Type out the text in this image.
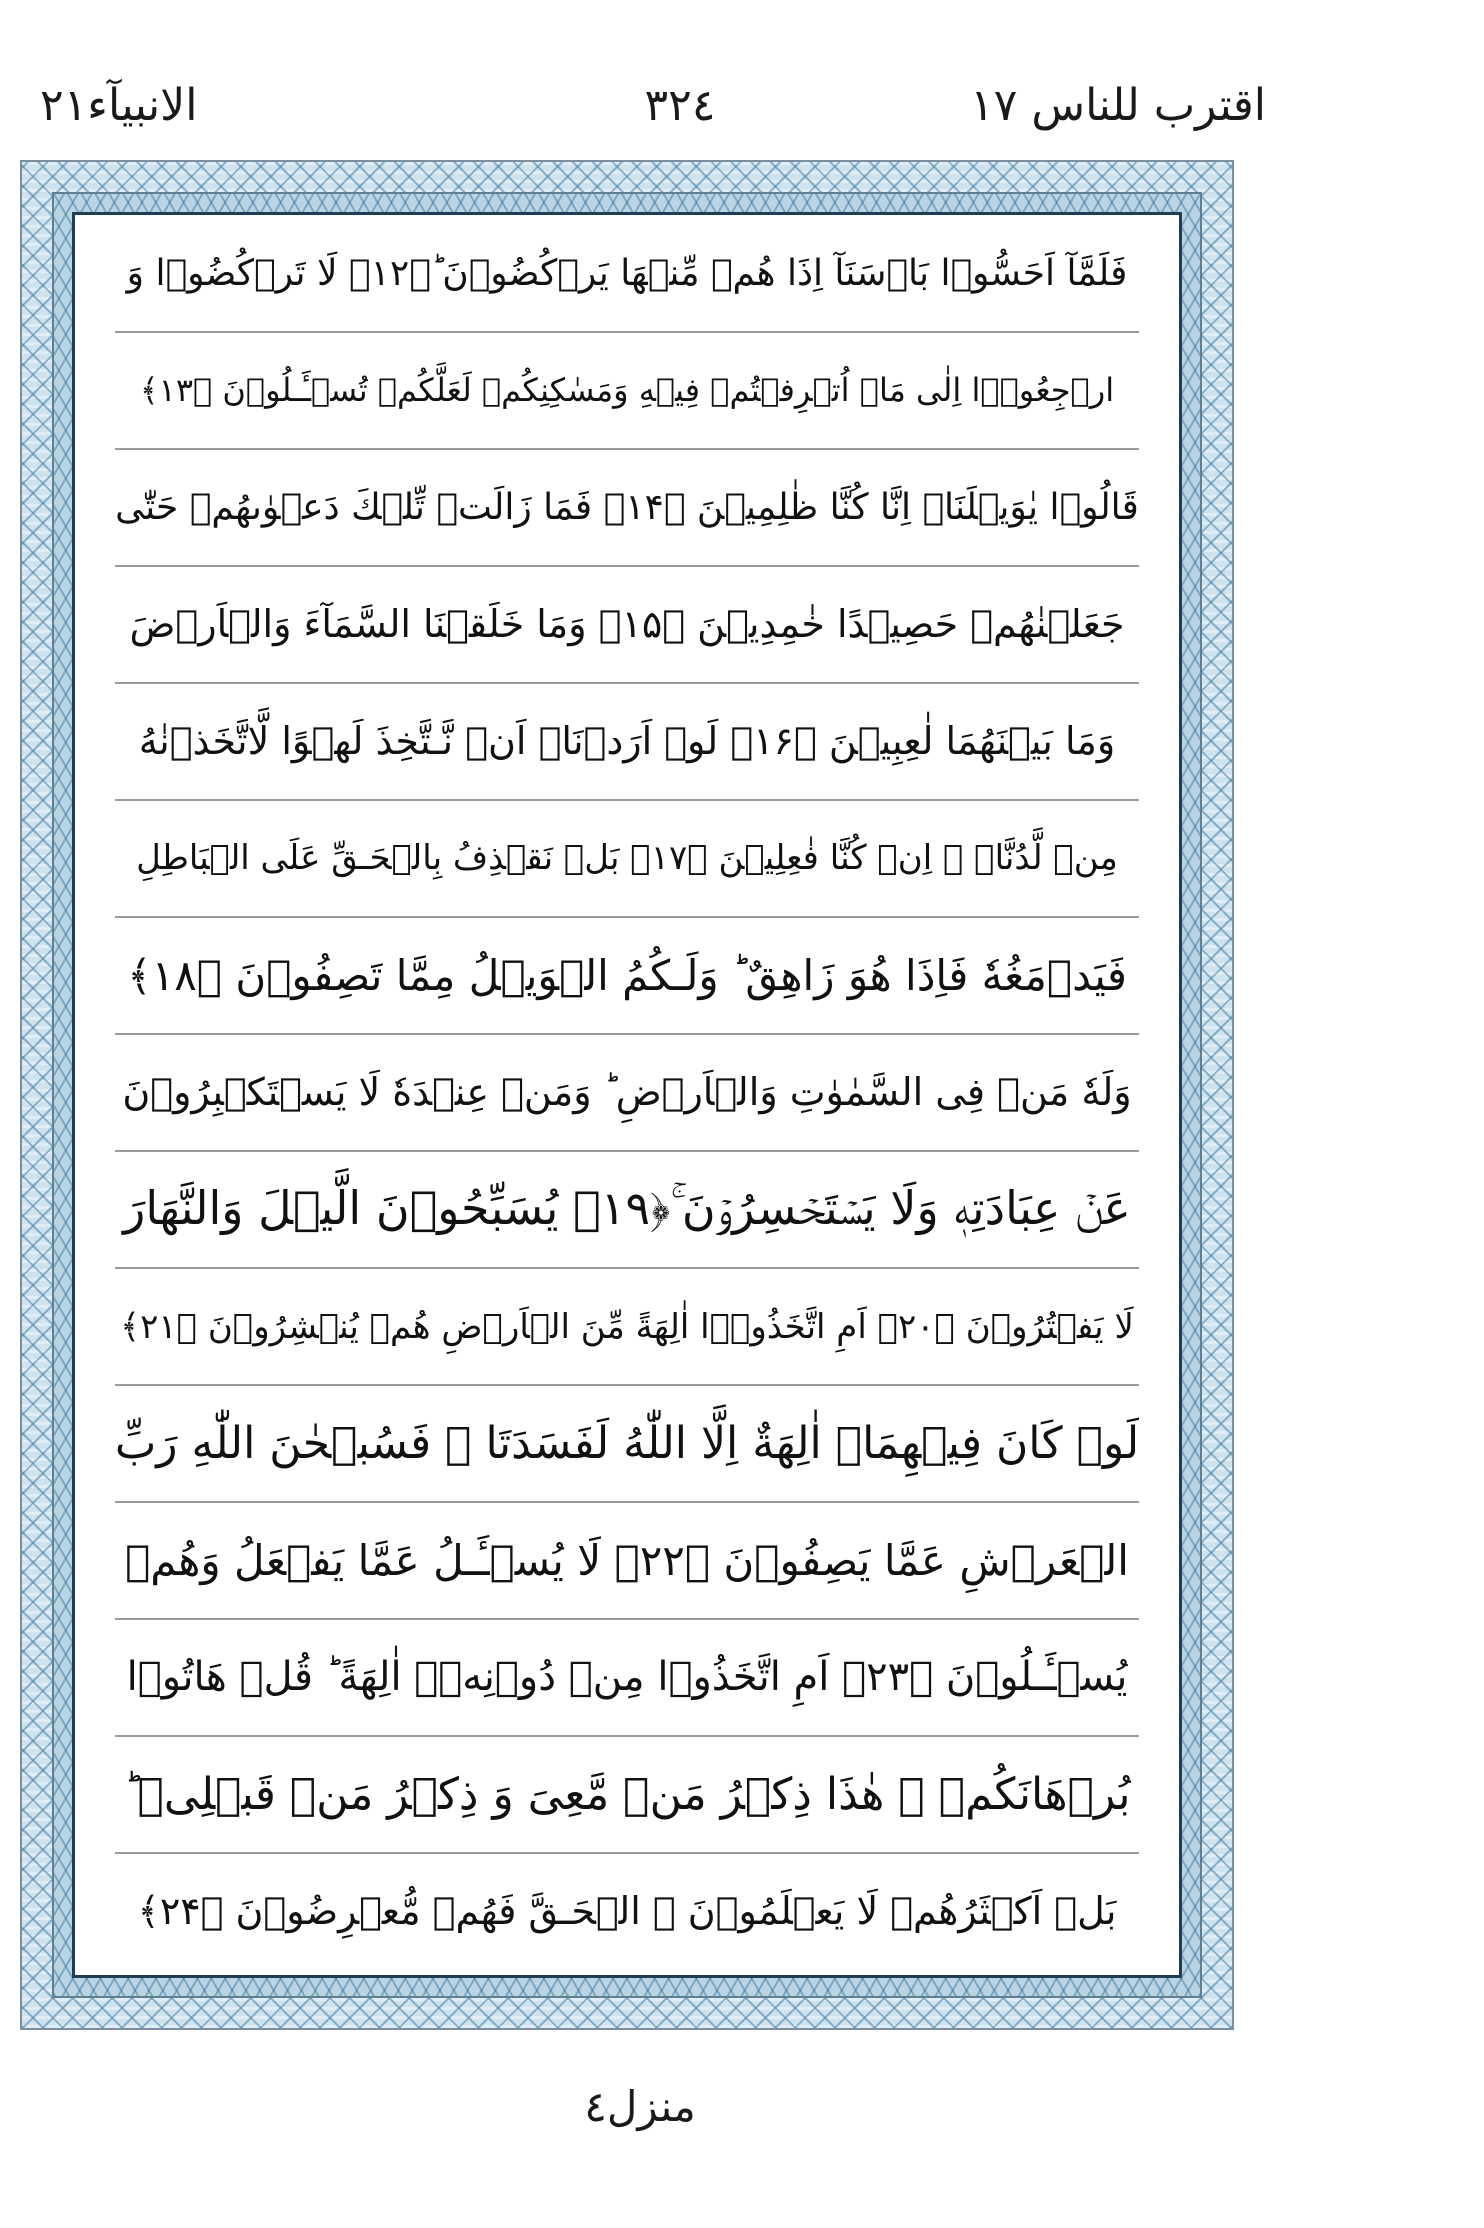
اقترب للناس ١٧
٣٢٤
الانبيآء٢١
فَلَمَّآ اَحَسُّوۡا بَاۡسَنَآ اِذَا هُمۡ مِّنۡهَا يَرۡكُضُوۡنَ ؕ﴿۱۲﴾ لَا تَرۡكُضُوۡا وَ
ارۡجِعُوۡۤا اِلٰى مَاۤ اُتۡرِفۡتُمۡ فِيۡهِ وَمَسٰكِنِكُمۡ لَعَلَّكُمۡ تُسۡـَٔـلُوۡنَ ﴿۱۳﴾
قَالُوۡا يٰوَيۡلَنَاۤ اِنَّا كُنَّا ظٰلِمِيۡنَ ﴿۱۴﴾ فَمَا زَالَتۡ تِّلۡكَ دَعۡوٰٮهُمۡ حَتّٰى
جَعَلۡنٰهُمۡ حَصِيۡدًا خٰمِدِيۡنَ ﴿۱۵﴾ وَمَا خَلَقۡنَا السَّمَآءَ وَالۡاَرۡضَ
وَمَا بَيۡنَهُمَا لٰعِبِيۡنَ ﴿۱۶﴾ لَوۡ اَرَدۡنَاۤ اَنۡ نَّـتَّخِذَ لَهۡوًا لَّاتَّخَذۡنٰهُ
مِنۡ لَّدُنَّاۤ ۖ اِنۡ كُنَّا فٰعِلِيۡنَ ﴿۱۷﴾ بَلۡ نَقۡذِفُ بِالۡحَـقِّ عَلَى الۡبَاطِلِ
فَيَدۡمَغُهٗ فَاِذَا هُوَ زَاهِقٌ ؕ وَلَـكُمُ الۡوَيۡلُ مِمَّا تَصِفُوۡنَ ﴿۱۸﴾
وَلَهٗ مَنۡ فِى السَّمٰوٰتِ وَالۡاَرۡضِ ؕ وَمَنۡ عِنۡدَهٗ لَا يَسۡتَكۡبِرُوۡنَ
عَنۡ عِبَادَتِهٖ وَلَا يَسۡتَحۡسِرُوۡنَ ۚ﴿۱۹﴾ يُسَبِّحُوۡنَ الَّيۡلَ وَالنَّهَارَ
لَا يَفۡتُرُوۡنَ ﴿۲۰﴾ اَمِ اتَّخَذُوۡۤا اٰلِهَةً مِّنَ الۡاَرۡضِ هُمۡ يُنۡشِرُوۡنَ ﴿۲۱﴾
لَوۡ كَانَ فِيۡهِمَاۤ اٰلِهَةٌ اِلَّا اللّٰهُ لَفَسَدَتَا ۚ فَسُبۡحٰنَ اللّٰهِ رَبِّ
الۡعَرۡشِ عَمَّا يَصِفُوۡنَ ﴿۲۲﴾ لَا يُسۡـَٔـلُ عَمَّا يَفۡعَلُ وَهُمۡ
يُسۡـَٔـلُوۡنَ ﴿۲۳﴾ اَمِ اتَّخَذُوۡا مِنۡ دُوۡنِهٖۤ اٰلِهَةً ؕ قُلۡ هَاتُوۡا
بُرۡهَانَكُمۡ ۚ هٰذَا ذِكۡرُ مَنۡ مَّعِىَ وَ ذِكۡرُ مَنۡ قَبۡلِىۡ ؕ
بَلۡ اَكۡثَرُهُمۡ لَا يَعۡلَمُوۡنَ ۙ الۡحَـقَّ فَهُمۡ مُّعۡرِضُوۡنَ ﴿۲۴﴾
منزل٤
